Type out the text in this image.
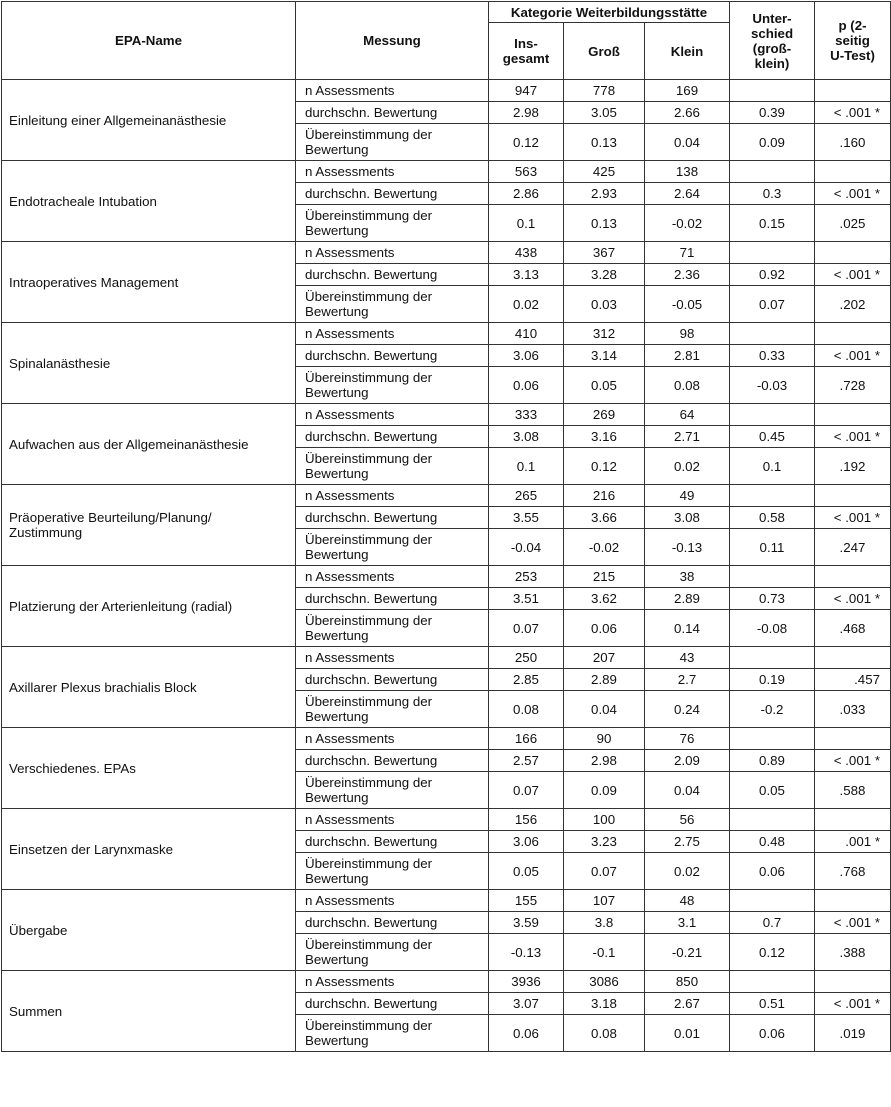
EPA-Name	Messung	Kategorie Weiterbildungsstätte			Unter-
schied
(groß-
klein)	p (2-
seitig
U-Test)
		Ins-
gesamt	Groß	Klein		
Einleitung einer Allgemeinanästhesie	n Assessments	947	778	169		
	durchschn. Bewertung	2.98	3.05	2.66	0.39	< .001 *
	Übereinstimmung der
Bewertung	0.12	0.13	0.04	0.09	.160
Endotracheale Intubation	n Assessments	563	425	138		
	durchschn. Bewertung	2.86	2.93	2.64	0.3	< .001 *
	Übereinstimmung der
Bewertung	0.1	0.13	-0.02	0.15	.025
Intraoperatives Management	n Assessments	438	367	71		
	durchschn. Bewertung	3.13	3.28	2.36	0.92	< .001 *
	Übereinstimmung der
Bewertung	0.02	0.03	-0.05	0.07	.202
Spinalanästhesie	n Assessments	410	312	98		
	durchschn. Bewertung	3.06	3.14	2.81	0.33	< .001 *
	Übereinstimmung der
Bewertung	0.06	0.05	0.08	-0.03	.728
Aufwachen aus der Allgemeinanästhesie	n Assessments	333	269	64		
	durchschn. Bewertung	3.08	3.16	2.71	0.45	< .001 *
	Übereinstimmung der
Bewertung	0.1	0.12	0.02	0.1	.192
Präoperative Beurteilung/Planung/
Zustimmung	n Assessments	265	216	49		
	durchschn. Bewertung	3.55	3.66	3.08	0.58	< .001 *
	Übereinstimmung der
Bewertung	-0.04	-0.02	-0.13	0.11	.247
Platzierung der Arterienleitung (radial)	n Assessments	253	215	38		
	durchschn. Bewertung	3.51	3.62	2.89	0.73	< .001 *
	Übereinstimmung der
Bewertung	0.07	0.06	0.14	-0.08	.468
Axillarer Plexus brachialis Block	n Assessments	250	207	43		
	durchschn. Bewertung	2.85	2.89	2.7	0.19	.457
	Übereinstimmung der
Bewertung	0.08	0.04	0.24	-0.2	.033
Verschiedenes. EPAs	n Assessments	166	90	76		
	durchschn. Bewertung	2.57	2.98	2.09	0.89	< .001 *
	Übereinstimmung der
Bewertung	0.07	0.09	0.04	0.05	.588
Einsetzen der Larynxmaske	n Assessments	156	100	56		
	durchschn. Bewertung	3.06	3.23	2.75	0.48	.001 *
	Übereinstimmung der
Bewertung	0.05	0.07	0.02	0.06	.768
Übergabe	n Assessments	155	107	48		
	durchschn. Bewertung	3.59	3.8	3.1	0.7	< .001 *
	Übereinstimmung der
Bewertung	-0.13	-0.1	-0.21	0.12	.388
Summen	n Assessments	3936	3086	850		
	durchschn. Bewertung	3.07	3.18	2.67	0.51	< .001 *
	Übereinstimmung der
Bewertung	0.06	0.08	0.01	0.06	.019
